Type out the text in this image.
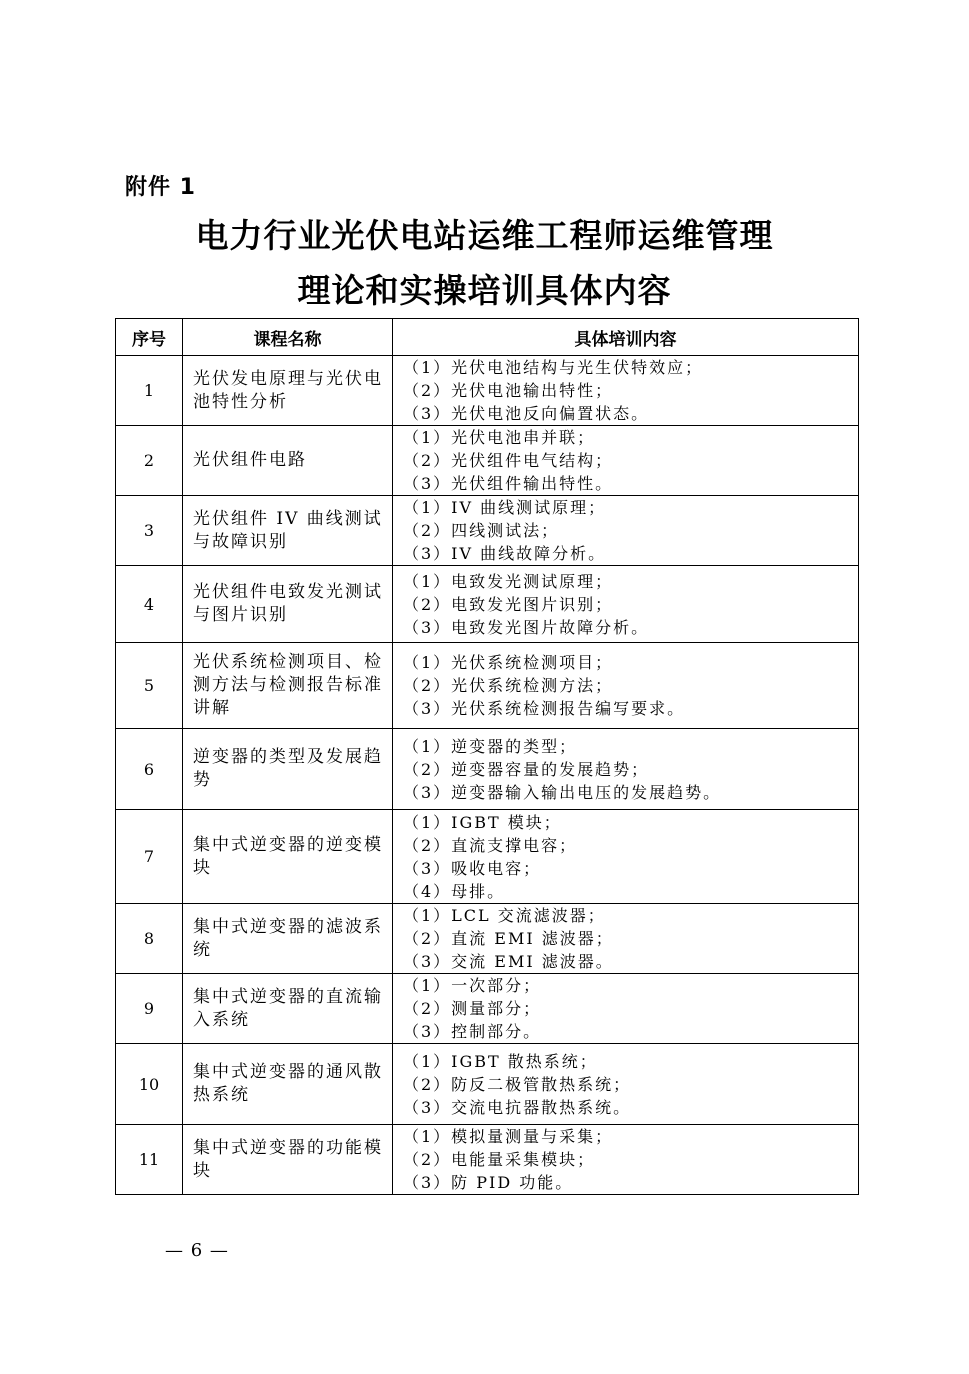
附件 1
电力行业光伏电站运维工程师运维管理
理论和实操培训具体内容
序号	课程名称	具体培训内容
1	光伏发电原理与光伏电池特性分析	（1）光伏电池结构与光生伏特效应；
（2）光伏电池输出特性；
（3）光伏电池反向偏置状态。

2	光伏组件电路	（1）光伏电池串并联；
（2）光伏组件电气结构；
（3）光伏组件输出特性。

3	光伏组件 IV 曲线测试与故障识别	（1）IV 曲线测试原理；
（2）四线测试法；
（3）IV 曲线故障分析。

4	光伏组件电致发光测试与图片识别	（1）电致发光测试原理；
（2）电致发光图片识别；
（3）电致发光图片故障分析。

5	光伏系统检测项目、检测方法与检测报告标准讲解	（1）光伏系统检测项目；
（2）光伏系统检测方法；
（3）光伏系统检测报告编写要求。

6	逆变器的类型及发展趋势	（1）逆变器的类型；
（2）逆变器容量的发展趋势；
（3）逆变器输入输出电压的发展趋势。

7	集中式逆变器的逆变模块	（1）IGBT 模块；
（2）直流支撑电容；
（3）吸收电容；
（4）母排。

8	集中式逆变器的滤波系统	（1）LCL 交流滤波器；
（2）直流 EMI 滤波器；
（3）交流 EMI 滤波器。

9	集中式逆变器的直流输入系统	（1）一次部分；
（2）测量部分；
（3）控制部分。

10	集中式逆变器的通风散热系统	（1）IGBT 散热系统；
（2）防反二极管散热系统；
（3）交流电抗器散热系统。

11	集中式逆变器的功能模块	（1）模拟量测量与采集；
（2）电能量采集模块；
（3）防 PID 功能。
— 6 —
